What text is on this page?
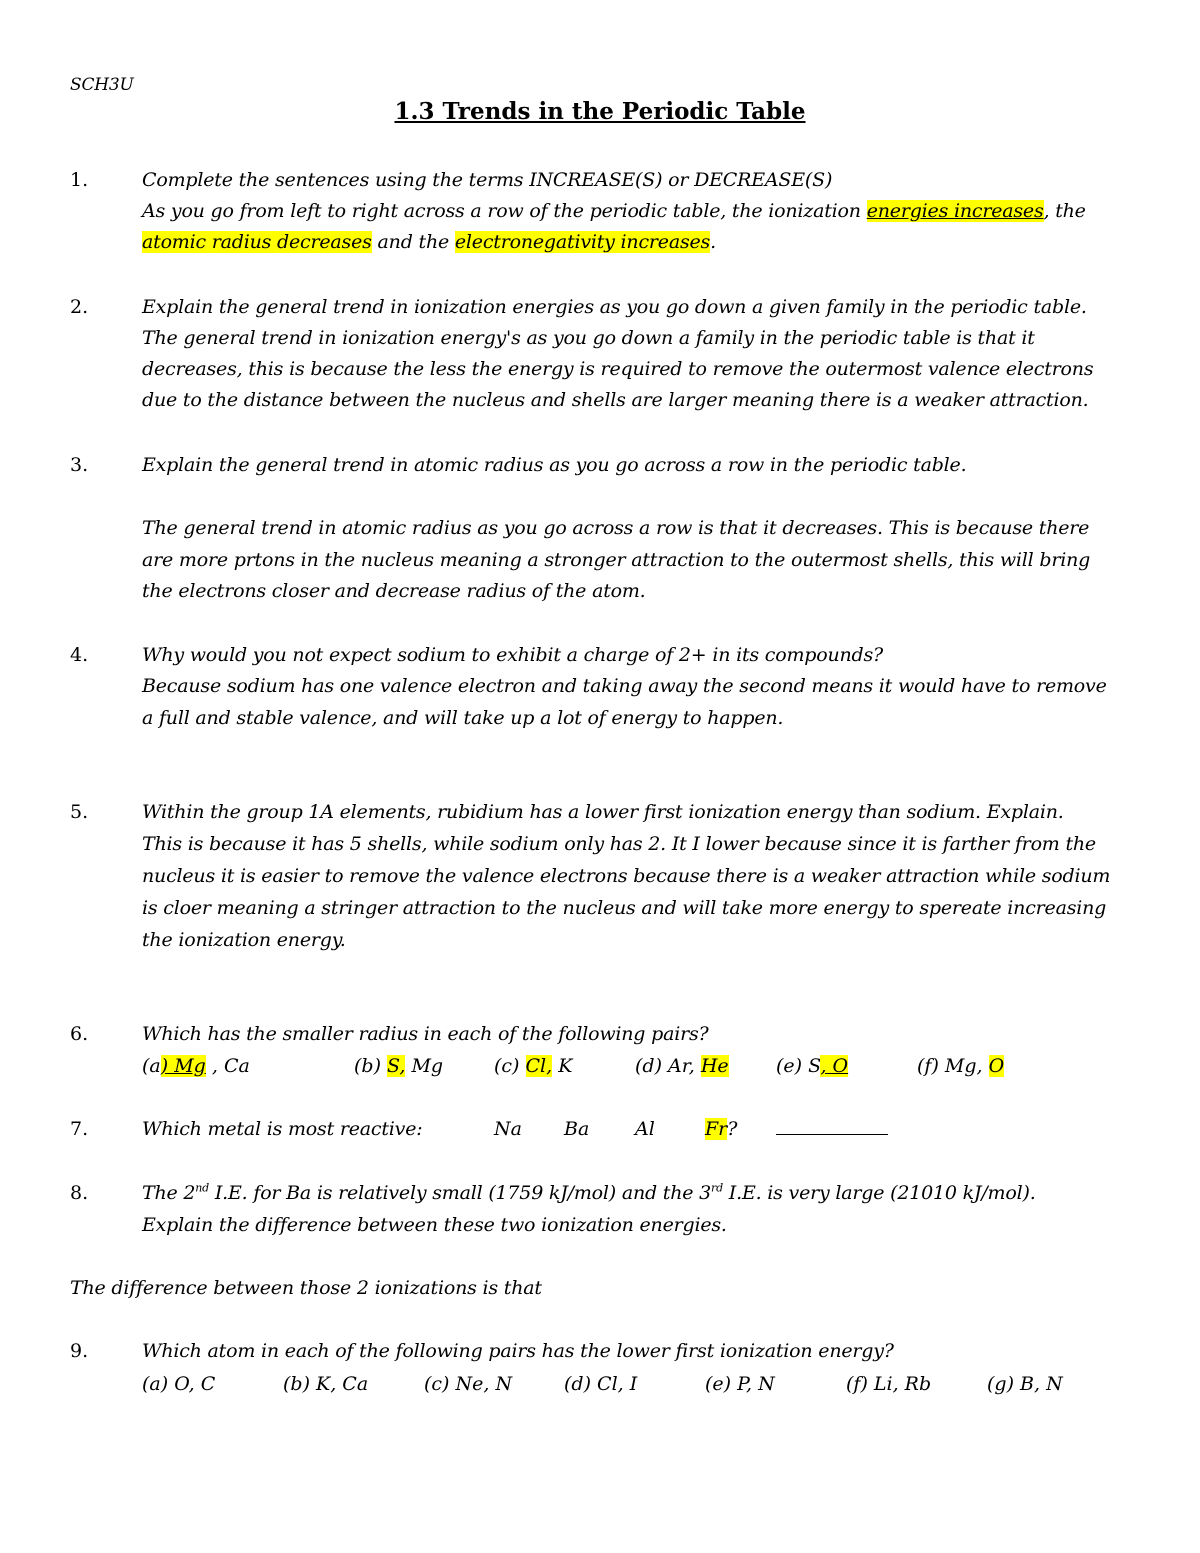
SCH3U
1.3 Trends in the Periodic Table
1.	Complete the sentences using the terms INCREASE(S) or DECREASE(S)
As you go from left to right across a row of the periodic table, the ionization energies increases, the
atomic radius decreases and the electronegativity increases.
2.	Explain the general trend in ionization energies as you go down a given family in the periodic table.
The general trend in ionization energy's as you go down a family in the periodic table is that it
decreases, this is because the less the energy is required to remove the outermost valence electrons
due to the distance between the nucleus and shells are larger meaning there is a weaker attraction.
3.	Explain the general trend in atomic radius as you go across a row in the periodic table.
The general trend in atomic radius as you go across a row is that it decreases. This is because there
are more prtons in the nucleus meaning a stronger attraction to the outermost shells, this will bring
the electrons closer and decrease radius of the atom.
4.	Why would you not expect sodium to exhibit a charge of 2+ in its compounds?
Because sodium has one valence electron and taking away the second means it would have to remove
a full and stable valence, and will take up a lot of energy to happen.
5.	Within the group 1A elements, rubidium has a lower first ionization energy than sodium. Explain.
This is because it has 5 shells, while sodium only has 2. It I lower because since it is farther from the
nucleus it is easier to remove the valence electrons because there is a weaker attraction while sodium
is cloer meaning a stringer attraction to the nucleus and will take more energy to spereate increasing
the ionization energy.
6.	Which has the smaller radius in each of the following pairs?
(a) Mg , Ca	(b) S, Mg	(c) Cl, K	(d) Ar, He (e) S, O	(f) Mg, O
7.	Which metal is most reactive:	Na Ba Al	Fr?
8.	The 2nd I.E. for Ba is relatively small (1759 kJ/mol) and the 3rd I.E. is very large (21010 kJ/mol).
Explain the difference between these two ionization energies.
The difference between those 2 ionizations is that
9.	Which atom in each of the following pairs has the lower first ionization energy?
(a) O, C	(b) K, Ca	(c) Ne, N	(d) Cl, I	(e) P, N	(f) Li, Rb	(g) B, N
